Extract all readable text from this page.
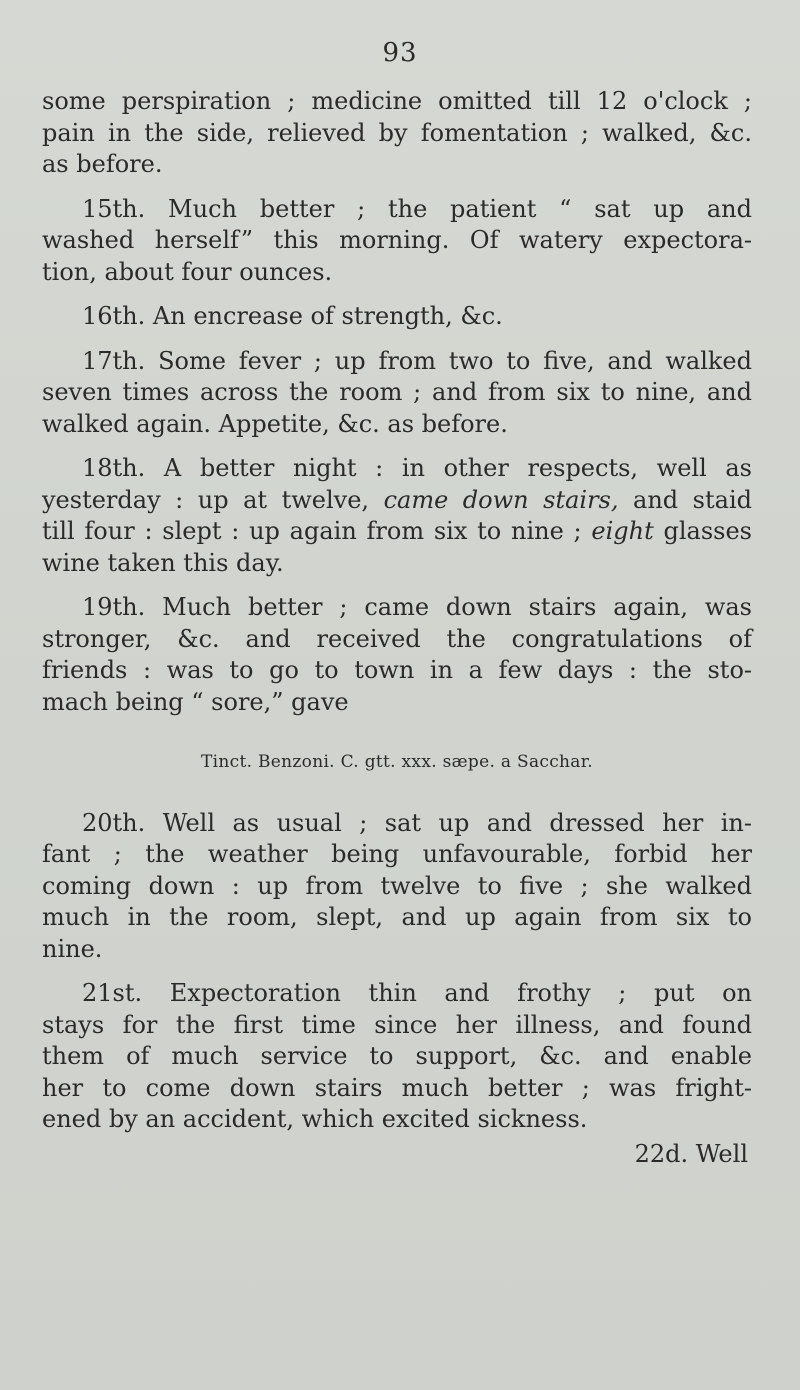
93

some perspiration ; medicine omitted till 12 o'clock ;
pain in the side, relieved by fomentation ; walked, &c.
as before.

15th. Much better ; the patient “ sat up and
washed herself” this morning. Of watery expectora-
tion, about four ounces.

16th. An encrease of strength, &c.

17th. Some fever ; up from two to five, and walked
seven times across the room ; and from six to nine, and
walked again. Appetite, &c. as before.

18th. A better night : in other respects, well as
yesterday : up at twelve, came down stairs, and staid
till four : slept : up again from six to nine ; eight glasses
wine taken this day.

19th. Much better ; came down stairs again, was
stronger, &c. and received the congratulations of
friends : was to go to town in a few days : the sto-
mach being “ sore,” gave

Tinct. Benzoni. C. gtt. xxx. sæpe. a Sacchar.

20th. Well as usual ; sat up and dressed her in-
fant ; the weather being unfavourable, forbid her
coming down : up from twelve to five ; she walked
much in the room, slept, and up again from six to
nine.

21st. Expectoration thin and frothy ; put on
stays for the first time since her illness, and found
them of much service to support, &c. and enable
her to come down stairs much better ; was fright-
ened by an accident, which excited sickness.

22d. Well
